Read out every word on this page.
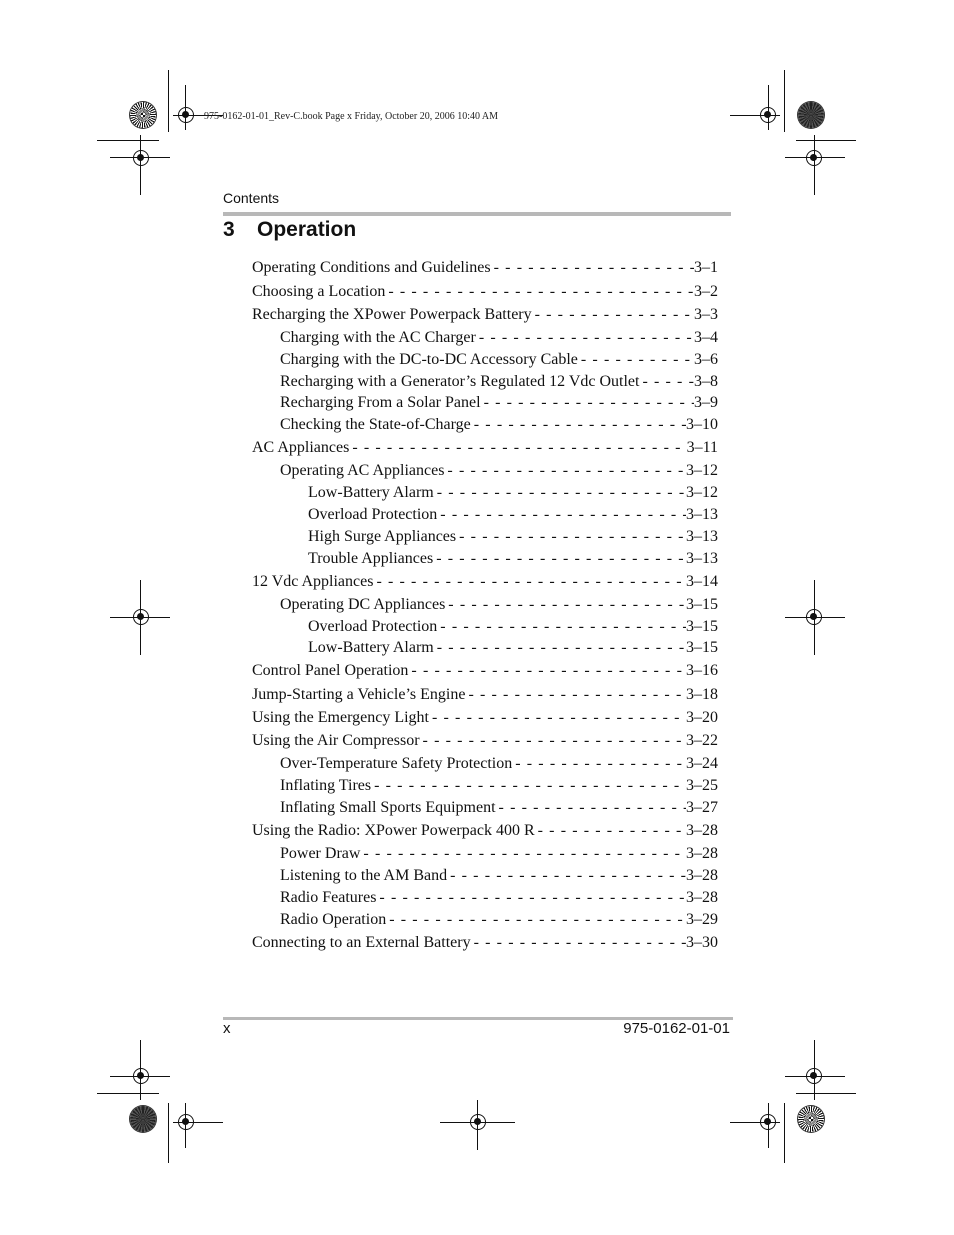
975-0162-01-01_Rev-C.book Page x Friday, October 20, 2006 10:40 AM
Contents
3 Operation
Operating Conditions and Guidelines - - -	3–1
Choosing a Location - - -	3–2
Recharging the XPower Powerpack Battery - - -	3–3
Charging with the AC Charger - - -	3–4
Charging with the DC-to-DC Accessory Cable - - -	3–6
Recharging with a Generator’s Regulated 12 Vdc Outlet - - -	3–8
Recharging From a Solar Panel - - -	3–9
Checking the State-of-Charge - - -	3–10
AC Appliances - - -	3–11
Operating AC Appliances - - -	3–12
Low-Battery Alarm - - -	3–12
Overload Protection - - -	3–13
High Surge Appliances - - -	3–13
Trouble Appliances - - -	3–13
12 Vdc Appliances - - -	3–14
Operating DC Appliances - - -	3–15
Overload Protection - - -	3–15
Low-Battery Alarm - - -	3–15
Control Panel Operation - - -	3–16
Jump-Starting a Vehicle’s Engine - - -	3–18
Using the Emergency Light - - -	3–20
Using the Air Compressor - - -	3–22
Over-Temperature Safety Protection - - -	3–24
Inflating Tires - - -	3–25
Inflating Small Sports Equipment - - -	3–27
Using the Radio: XPower Powerpack 400 R - - -	3–28
Power Draw - - -	3–28
Listening to the AM Band - - -	3–28
Radio Features - - -	3–28
Radio Operation - - -	3–29
Connecting to an External Battery - - -	3–30
x	975-0162-01-01
